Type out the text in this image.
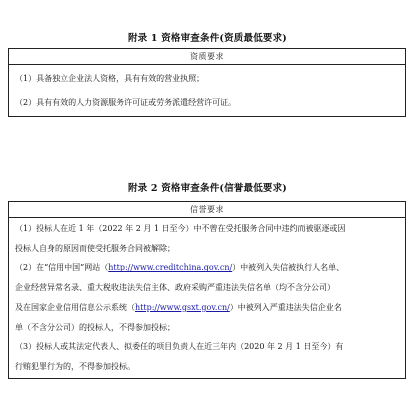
附录 1 资格审查条件(资质最低要求)
资质要求

（1）具备独立企业法人资格，具有有效的营业执照；

（2）具有有效的人力资源服务许可证或劳务派遣经营许可证。

附录 2 资格审查条件(信誉最低要求)
信誉要求

（1）投标人在近 1 年（2022 年 2 月 1 日至今）中不曾在受托服务合同中违约而被驱逐或因

投标人自身的原因而使受托服务合同被解除；

（2）在“信用中国”网站（http://www.creditchina.gov.cn/）中被列入失信被执行人名单、

企业经营异常名录、重大税收违法失信主体、政府采购严重违法失信名单（均不含分公司）

及在国家企业信用信息公示系统（http://www.gsxt.gov.cn/）中被列入严重违法失信企业名

单（不含分公司）的投标人，不得参加投标；

（3）投标人或其法定代表人、拟委任的项目负责人在近三年内（2020 年 2 月 1 日至今）有

行贿犯罪行为的，不得参加投标。
